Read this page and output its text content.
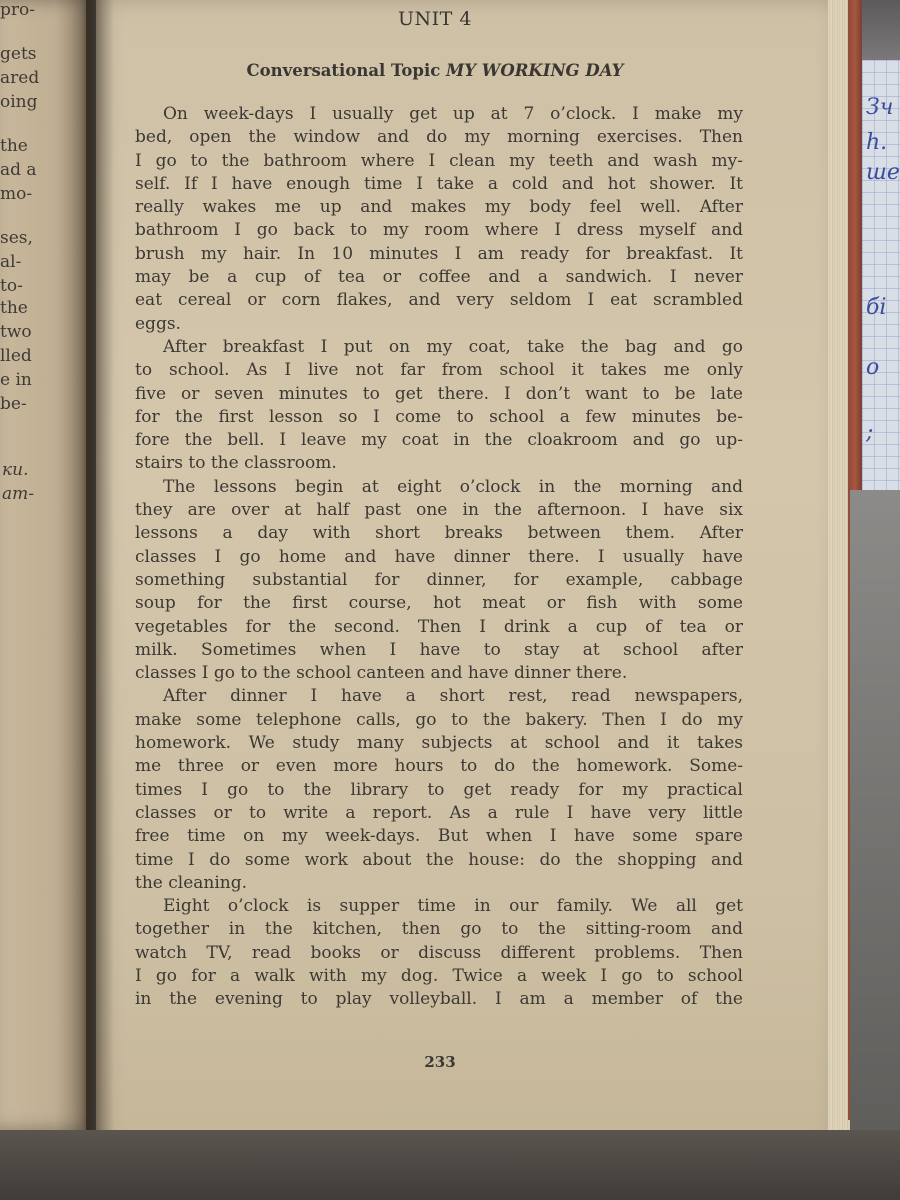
pro-
gets
ared
oing
the
ad a
mo-
ses,
al-
to-
the
two
lled
e in
be-
ки.
ат-
UNIT 4
Conversational Topic MY WORKING DAY
On week-days I usually get up at 7 o’clock. I make my
bed, open the window and do my morning exercises. Then
I go to the bathroom where I clean my teeth and wash my-
self. If I have enough time I take a cold and hot shower. It
really wakes me up and makes my body feel well. After
bathroom I go back to my room where I dress myself and
brush my hair. In 10 minutes I am ready for breakfast. It
may be a cup of tea or coffee and a sandwich. I never
eat cereal or corn flakes, and very seldom I eat scrambled
eggs.
After breakfast I put on my coat, take the bag and go
to school. As I live not far from school it takes me only
five or seven minutes to get there. I don’t want to be late
for the first lesson so I come to school a few minutes be-
fore the bell. I leave my coat in the cloakroom and go up-
stairs to the classroom.
The lessons begin at eight o’clock in the morning and
they are over at half past one in the afternoon. I have six
lessons a day with short breaks between them. After
classes I go home and have dinner there. I usually have
something substantial for dinner, for example, cabbage
soup for the first course, hot meat or fish with some
vegetables for the second. Then I drink a cup of tea or
milk. Sometimes when I have to stay at school after
classes I go to the school canteen and have dinner there.
After dinner I have a short rest, read newspapers,
make some telephone calls, go to the bakery. Then I do my
homework. We study many subjects at school and it takes
me three or even more hours to do the homework. Some-
times I go to the library to get ready for my practical
classes or to write a report. As a rule I have very little
free time on my week-days. But when I have some spare
time I do some work about the house: do the shopping and
the cleaning.
Eight o’clock is supper time in our family. We all get
together in the kitchen, then go to the sitting-room and
watch TV, read books or discuss different problems. Then
I go for a walk with my dog. Twice a week I go to school
in the evening to play volleyball. I am a member of the
233
Зч
h.
ше
бі
о
;
